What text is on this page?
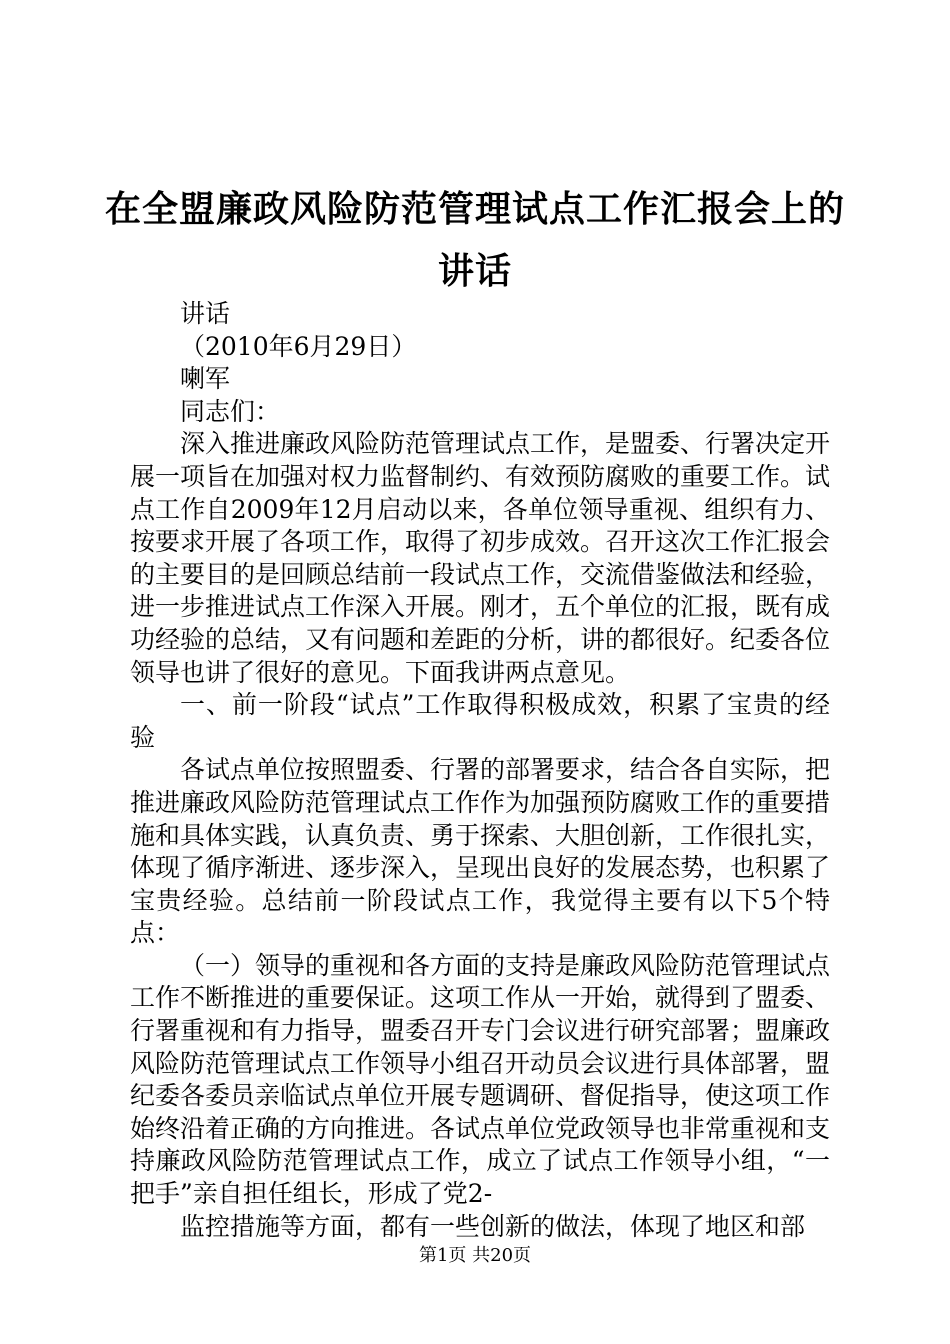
在全盟廉政风险防范管理试点工作汇报会上的讲话

讲话

（2010年6月29日）

喇军

同志们：

深入推进廉政风险防范管理试点工作，是盟委、行署决定开展一项旨在加强对权力监督制约、有效预防腐败的重要工作。试点工作自2009年12月启动以来，各单位领导重视、组织有力、按要求开展了各项工作，取得了初步成效。召开这次工作汇报会的主要目的是回顾总结前一段试点工作，交流借鉴做法和经验，进一步推进试点工作深入开展。刚才，五个单位的汇报，既有成功经验的总结，又有问题和差距的分析，讲的都很好。纪委各位领导也讲了很好的意见。下面我讲两点意见。

一、前一阶段“试点”工作取得积极成效，积累了宝贵的经验

各试点单位按照盟委、行署的部署要求，结合各自实际，把推进廉政风险防范管理试点工作作为加强预防腐败工作的重要措施和具体实践，认真负责、勇于探索、大胆创新，工作很扎实，体现了循序渐进、逐步深入，呈现出良好的发展态势，也积累了宝贵经验。总结前一阶段试点工作，我觉得主要有以下5个特点：

（一）领导的重视和各方面的支持是廉政风险防范管理试点工作不断推进的重要保证。这项工作从一开始，就得到了盟委、行署重视和有力指导，盟委召开专门会议进行研究部署；盟廉政风险防范管理试点工作领导小组召开动员会议进行具体部署，盟纪委各委员亲临试点单位开展专题调研、督促指导，使这项工作始终沿着正确的方向推进。各试点单位党政领导也非常重视和支持廉政风险防范管理试点工作，成立了试点工作领导小组，“一把手”亲自担任组长，形成了党2-

监控措施等方面，都有一些创新的做法，体现了地区和部

第1页 共20页
